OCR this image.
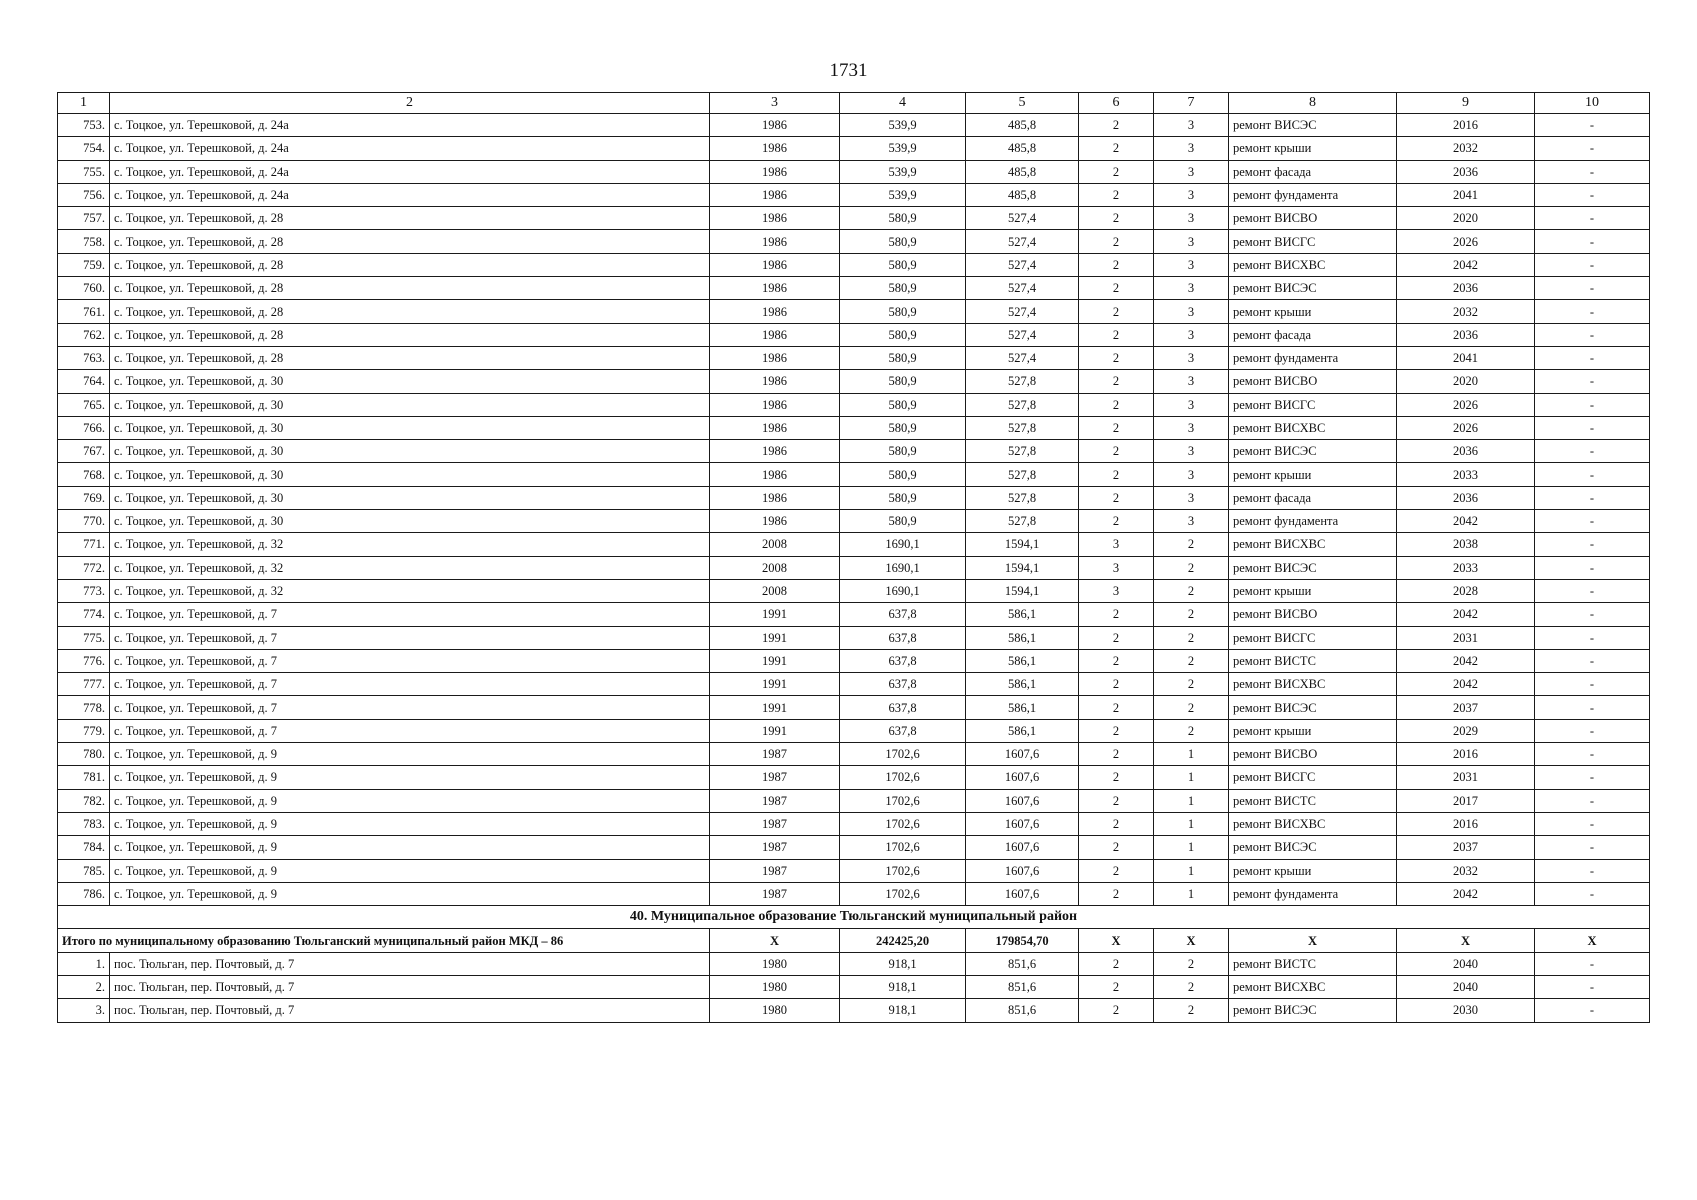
1731
1	2	3	4	5	6	7	8	9	10
753.	с. Тоцкое, ул. Терешковой, д. 24а	1986	539,9	485,8	2	3	ремонт ВИСЭС	2016	-
754.	с. Тоцкое, ул. Терешковой, д. 24а	1986	539,9	485,8	2	3	ремонт крыши	2032	-
755.	с. Тоцкое, ул. Терешковой, д. 24а	1986	539,9	485,8	2	3	ремонт фасада	2036	-
756.	с. Тоцкое, ул. Терешковой, д. 24а	1986	539,9	485,8	2	3	ремонт фундамента	2041	-
757.	с. Тоцкое, ул. Терешковой, д. 28	1986	580,9	527,4	2	3	ремонт ВИСВО	2020	-
758.	с. Тоцкое, ул. Терешковой, д. 28	1986	580,9	527,4	2	3	ремонт ВИСГС	2026	-
759.	с. Тоцкое, ул. Терешковой, д. 28	1986	580,9	527,4	2	3	ремонт ВИСХВС	2042	-
760.	с. Тоцкое, ул. Терешковой, д. 28	1986	580,9	527,4	2	3	ремонт ВИСЭС	2036	-
761.	с. Тоцкое, ул. Терешковой, д. 28	1986	580,9	527,4	2	3	ремонт крыши	2032	-
762.	с. Тоцкое, ул. Терешковой, д. 28	1986	580,9	527,4	2	3	ремонт фасада	2036	-
763.	с. Тоцкое, ул. Терешковой, д. 28	1986	580,9	527,4	2	3	ремонт фундамента	2041	-
764.	с. Тоцкое, ул. Терешковой, д. 30	1986	580,9	527,8	2	3	ремонт ВИСВО	2020	-
765.	с. Тоцкое, ул. Терешковой, д. 30	1986	580,9	527,8	2	3	ремонт ВИСГС	2026	-
766.	с. Тоцкое, ул. Терешковой, д. 30	1986	580,9	527,8	2	3	ремонт ВИСХВС	2026	-
767.	с. Тоцкое, ул. Терешковой, д. 30	1986	580,9	527,8	2	3	ремонт ВИСЭС	2036	-
768.	с. Тоцкое, ул. Терешковой, д. 30	1986	580,9	527,8	2	3	ремонт крыши	2033	-
769.	с. Тоцкое, ул. Терешковой, д. 30	1986	580,9	527,8	2	3	ремонт фасада	2036	-
770.	с. Тоцкое, ул. Терешковой, д. 30	1986	580,9	527,8	2	3	ремонт фундамента	2042	-
771.	с. Тоцкое, ул. Терешковой, д. 32	2008	1690,1	1594,1	3	2	ремонт ВИСХВС	2038	-
772.	с. Тоцкое, ул. Терешковой, д. 32	2008	1690,1	1594,1	3	2	ремонт ВИСЭС	2033	-
773.	с. Тоцкое, ул. Терешковой, д. 32	2008	1690,1	1594,1	3	2	ремонт крыши	2028	-
774.	с. Тоцкое, ул. Терешковой, д. 7	1991	637,8	586,1	2	2	ремонт ВИСВО	2042	-
775.	с. Тоцкое, ул. Терешковой, д. 7	1991	637,8	586,1	2	2	ремонт ВИСГС	2031	-
776.	с. Тоцкое, ул. Терешковой, д. 7	1991	637,8	586,1	2	2	ремонт ВИСТС	2042	-
777.	с. Тоцкое, ул. Терешковой, д. 7	1991	637,8	586,1	2	2	ремонт ВИСХВС	2042	-
778.	с. Тоцкое, ул. Терешковой, д. 7	1991	637,8	586,1	2	2	ремонт ВИСЭС	2037	-
779.	с. Тоцкое, ул. Терешковой, д. 7	1991	637,8	586,1	2	2	ремонт крыши	2029	-
780.	с. Тоцкое, ул. Терешковой, д. 9	1987	1702,6	1607,6	2	1	ремонт ВИСВО	2016	-
781.	с. Тоцкое, ул. Терешковой, д. 9	1987	1702,6	1607,6	2	1	ремонт ВИСГС	2031	-
782.	с. Тоцкое, ул. Терешковой, д. 9	1987	1702,6	1607,6	2	1	ремонт ВИСТС	2017	-
783.	с. Тоцкое, ул. Терешковой, д. 9	1987	1702,6	1607,6	2	1	ремонт ВИСХВС	2016	-
784.	с. Тоцкое, ул. Терешковой, д. 9	1987	1702,6	1607,6	2	1	ремонт ВИСЭС	2037	-
785.	с. Тоцкое, ул. Терешковой, д. 9	1987	1702,6	1607,6	2	1	ремонт крыши	2032	-
786.	с. Тоцкое, ул. Терешковой, д. 9	1987	1702,6	1607,6	2	1	ремонт фундамента	2042	-
40. Муниципальное образование Тюльганский муниципальный район									
Итого по муниципальному образованию Тюльганский муниципальный район МКД – 86		X	242425,20	179854,70	X	X	X	X	X
1.	пос. Тюльган, пер. Почтовый, д. 7	1980	918,1	851,6	2	2	ремонт ВИСТС	2040	-
2.	пос. Тюльган, пер. Почтовый, д. 7	1980	918,1	851,6	2	2	ремонт ВИСХВС	2040	-
3.	пос. Тюльган, пер. Почтовый, д. 7	1980	918,1	851,6	2	2	ремонт ВИСЭС	2030	-
